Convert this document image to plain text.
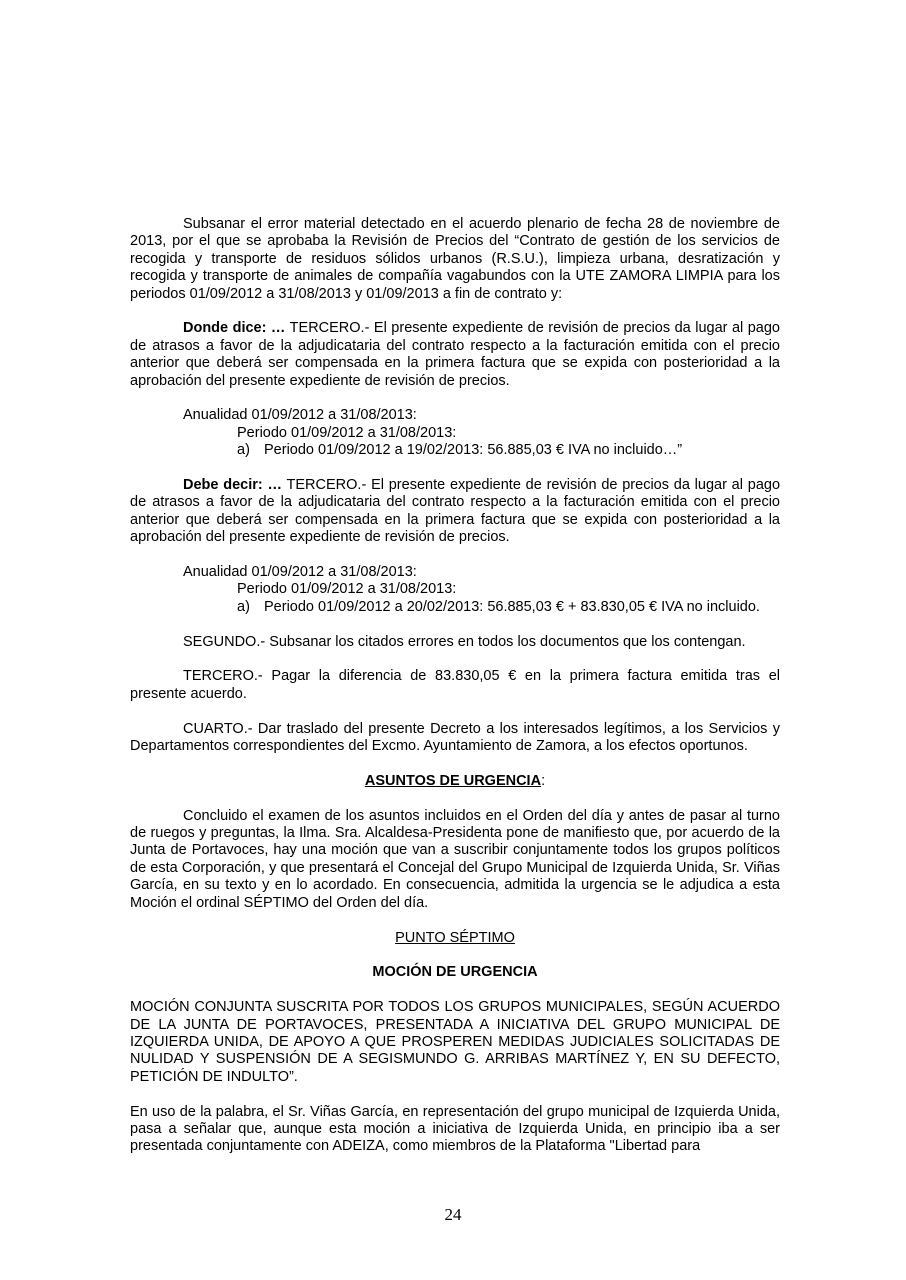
Subsanar el error material detectado en el acuerdo plenario de fecha 28 de noviembre de 2013, por el que se aprobaba la Revisión de Precios del “Contrato de gestión de los servicios de recogida y transporte de residuos sólidos urbanos (R.S.U.), limpieza urbana, desratización y recogida y transporte de animales de compañía vagabundos con la UTE ZAMORA LIMPIA para los periodos 01/09/2012 a 31/08/2013 y 01/09/2013 a fin de contrato y:

Donde dice: … TERCERO.- El presente expediente de revisión de precios da lugar al pago de atrasos a favor de la adjudicataria del contrato respecto a la facturación emitida con el precio anterior que deberá ser compensada en la primera factura que se expida con posterioridad a la aprobación del presente expediente de revisión de precios.

Anualidad 01/09/2012 a 31/08/2013:

Periodo 01/09/2012 a 31/08/2013:

a) Periodo 01/09/2012 a 19/02/2013: 56.885,03 € IVA no incluido…”

Debe decir: … TERCERO.- El presente expediente de revisión de precios da lugar al pago de atrasos a favor de la adjudicataria del contrato respecto a la facturación emitida con el precio anterior que deberá ser compensada en la primera factura que se expida con posterioridad a la aprobación del presente expediente de revisión de precios.

Anualidad 01/09/2012 a 31/08/2013:

Periodo 01/09/2012 a 31/08/2013:

a) Periodo 01/09/2012 a 20/02/2013: 56.885,03 € + 83.830,05 € IVA no incluido.

SEGUNDO.- Subsanar los citados errores en todos los documentos que los contengan.

TERCERO.- Pagar la diferencia de 83.830,05 € en la primera factura emitida tras el presente acuerdo.

CUARTO.- Dar traslado del presente Decreto a los interesados legítimos, a los Servicios y Departamentos correspondientes del Excmo. Ayuntamiento de Zamora, a los efectos oportunos.

ASUNTOS DE URGENCIA:

Concluido el examen de los asuntos incluidos en el Orden del día y antes de pasar al turno de ruegos y preguntas, la Ilma. Sra. Alcaldesa-Presidenta pone de manifiesto que, por acuerdo de la Junta de Portavoces, hay una moción que van a suscribir conjuntamente todos los grupos políticos de esta Corporación, y que presentará el Concejal del Grupo Municipal de Izquierda Unida, Sr. Viñas García, en su texto y en lo acordado. En consecuencia, admitida la urgencia se le adjudica a esta Moción el ordinal SÉPTIMO del Orden del día.

PUNTO SÉPTIMO

MOCIÓN DE URGENCIA

MOCIÓN CONJUNTA SUSCRITA POR TODOS LOS GRUPOS MUNICIPALES, SEGÚN ACUERDO DE LA JUNTA DE PORTAVOCES, PRESENTADA A INICIATIVA DEL GRUPO MUNICIPAL DE IZQUIERDA UNIDA, DE APOYO A QUE PROSPEREN MEDIDAS JUDICIALES SOLICITADAS DE NULIDAD Y SUSPENSIÓN DE A SEGISMUNDO G. ARRIBAS MARTÍNEZ Y, EN SU DEFECTO, PETICIÓN DE INDULTO”.

En uso de la palabra, el Sr. Viñas García, en representación del grupo municipal de Izquierda Unida, pasa a señalar que, aunque esta moción a iniciativa de Izquierda Unida, en principio iba a ser presentada conjuntamente con ADEIZA, como miembros de la Plataforma "Libertad para

24
